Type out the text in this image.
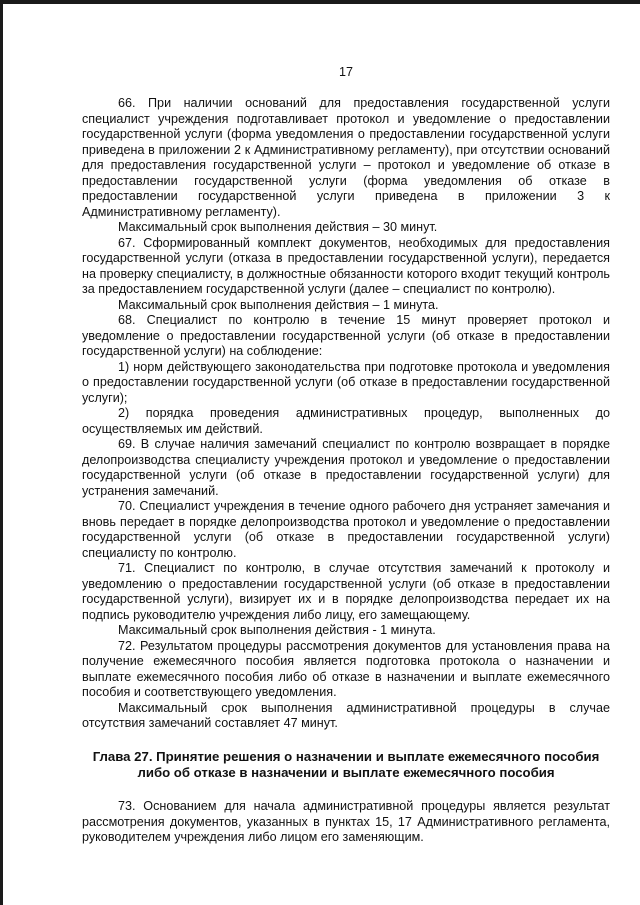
17

66. При наличии оснований для предоставления государственной услуги специалист учреждения подготавливает протокол и уведомление о предоставлении государственной услуги (форма уведомления о предоставлении государственной услуги приведена в приложении 2 к Административному регламенту), при отсутствии оснований для предоставления государственной услуги – протокол и уведомление об отказе в предоставлении государственной услуги (форма уведомления об отказе в предоставлении государственной услуги приведена в приложении 3 к Административному регламенту).

Максимальный срок выполнения действия – 30 минут.

67. Сформированный комплект документов, необходимых для предоставления государственной услуги (отказа в предоставлении государственной услуги), передается на проверку специалисту, в должностные обязанности которого входит текущий контроль за предоставлением государственной услуги (далее – специалист по контролю).

Максимальный срок выполнения действия – 1 минута.

68. Специалист по контролю в течение 15 минут проверяет протокол и уведомление о предоставлении государственной услуги (об отказе в предоставлении государственной услуги) на соблюдение:

1) норм действующего законодательства при подготовке протокола и уведомления о предоставлении государственной услуги (об отказе в предоставлении государственной услуги);

2) порядка проведения административных процедур, выполненных до осуществляемых им действий.

69. В случае наличия замечаний специалист по контролю возвращает в порядке делопроизводства специалисту учреждения протокол и уведомление о предоставлении государственной услуги (об отказе в предоставлении государственной услуги) для устранения замечаний.

70. Специалист учреждения в течение одного рабочего дня устраняет замечания и вновь передает в порядке делопроизводства протокол и уведомление о предоставлении государственной услуги (об отказе в предоставлении государственной услуги) специалисту по контролю.

71. Специалист по контролю, в случае отсутствия замечаний к протоколу и уведомлению о предоставлении государственной услуги (об отказе в предоставлении государственной услуги), визирует их и в порядке делопроизводства передает их на подпись руководителю учреждения либо лицу, его замещающему.

Максимальный срок выполнения действия - 1 минута.

72. Результатом процедуры рассмотрения документов для установления права на получение ежемесячного пособия является подготовка протокола о назначении и выплате ежемесячного пособия либо об отказе в назначении и выплате ежемесячного пособия и соответствующего уведомления.

Максимальный срок выполнения административной процедуры в случае отсутствия замечаний составляет 47 минут.

Глава 27. Принятие решения о назначении и выплате ежемесячного пособия либо об отказе в назначении и выплате ежемесячного пособия

73. Основанием для начала административной процедуры является результат рассмотрения документов, указанных в пунктах 15, 17 Административного регламента, руководителем учреждения либо лицом его заменяющим.
